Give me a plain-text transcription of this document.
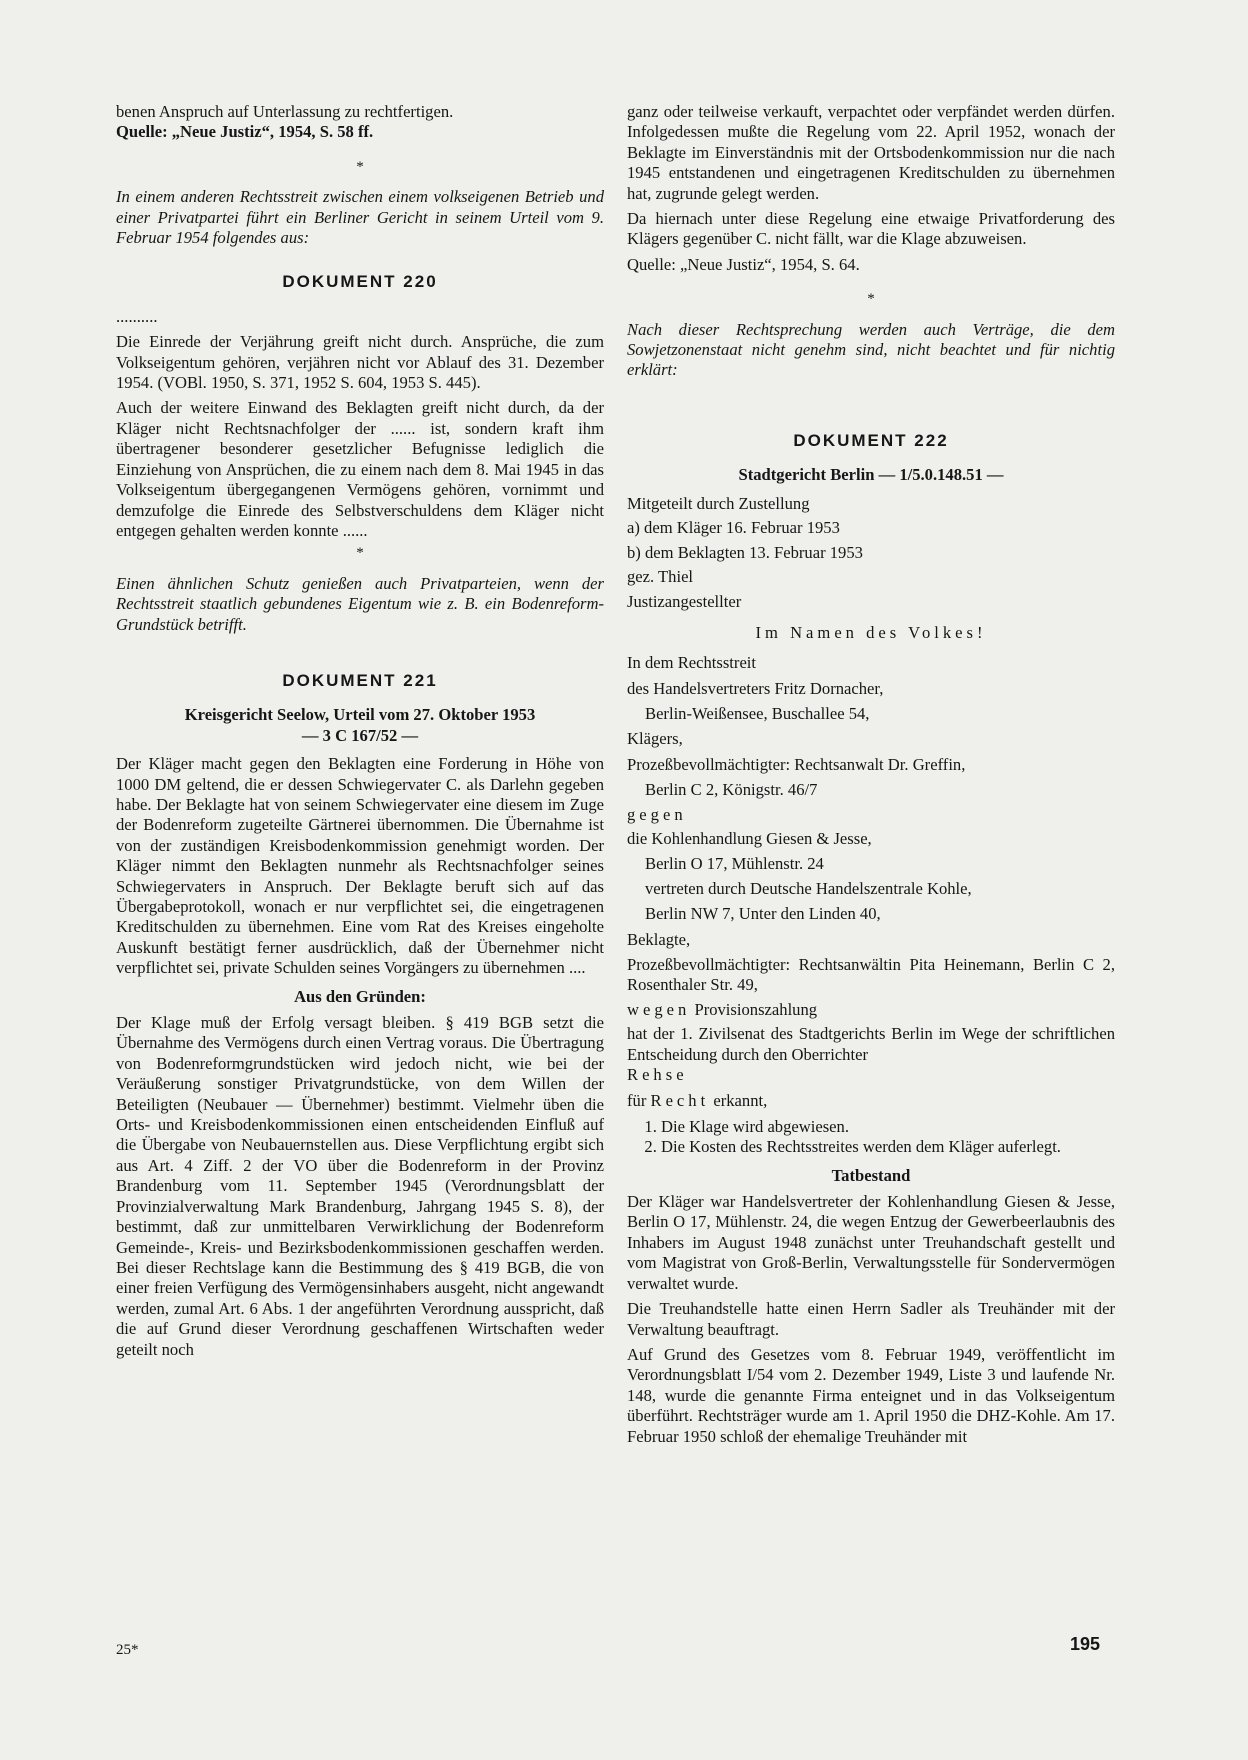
benen Anspruch auf Unterlassung zu rechtfertigen.

Quelle: „Neue Justiz“, 1954, S. 58 ff.

*

In einem anderen Rechtsstreit zwischen einem volkseigenen Betrieb und einer Privatpartei führt ein Berliner Gericht in seinem Urteil vom 9. Februar 1954 folgendes aus:

DOKUMENT 220

..........

Die Einrede der Verjährung greift nicht durch. Ansprüche, die zum Volkseigentum gehören, verjähren nicht vor Ablauf des 31. Dezember 1954. (VOBl. 1950, S. 371, 1952 S. 604, 1953 S. 445).

Auch der weitere Einwand des Beklagten greift nicht durch, da der Kläger nicht Rechtsnachfolger der ...... ist, sondern kraft ihm übertragener besonderer gesetzlicher Befugnisse lediglich die Einziehung von Ansprüchen, die zu einem nach dem 8. Mai 1945 in das Volkseigentum übergegangenen Vermögens gehören, vornimmt und demzufolge die Einrede des Selbstverschuldens dem Kläger nicht entgegen gehalten werden konnte ......

*

Einen ähnlichen Schutz genießen auch Privatparteien, wenn der Rechtsstreit staatlich gebundenes Eigentum wie z. B. ein Bodenreform-Grundstück betrifft.

DOKUMENT 221
Kreisgericht Seelow, Urteil vom 27. Oktober 1953
— 3 C 167/52 —

Der Kläger macht gegen den Beklagten eine Forderung in Höhe von 1000 DM geltend, die er dessen Schwiegervater C. als Darlehn gegeben habe. Der Beklagte hat von seinem Schwiegervater eine diesem im Zuge der Bodenreform zugeteilte Gärtnerei übernommen. Die Übernahme ist von der zuständigen Kreisbodenkommission genehmigt worden. Der Kläger nimmt den Beklagten nunmehr als Rechtsnachfolger seines Schwiegervaters in Anspruch. Der Beklagte beruft sich auf das Übergabeprotokoll, wonach er nur verpflichtet sei, die eingetragenen Kreditschulden zu übernehmen. Eine vom Rat des Kreises eingeholte Auskunft bestätigt ferner ausdrücklich, daß der Übernehmer nicht verpflichtet sei, private Schulden seines Vorgängers zu übernehmen ....

Aus den Gründen:

Der Klage muß der Erfolg versagt bleiben. § 419 BGB setzt die Übernahme des Vermögens durch einen Vertrag voraus. Die Übertragung von Bodenreformgrundstücken wird jedoch nicht, wie bei der Veräußerung sonstiger Privatgrundstücke, von dem Willen der Beteiligten (Neubauer — Übernehmer) bestimmt. Vielmehr üben die Orts- und Kreisbodenkommissionen einen entscheidenden Einfluß auf die Übergabe von Neubauernstellen aus. Diese Verpflichtung ergibt sich aus Art. 4 Ziff. 2 der VO über die Bodenreform in der Provinz Brandenburg vom 11. September 1945 (Verordnungsblatt der Provinzialverwaltung Mark Brandenburg, Jahrgang 1945 S. 8), der bestimmt, daß zur unmittelbaren Verwirklichung der Bodenreform Gemeinde-, Kreis- und Bezirksbodenkommissionen geschaffen werden. Bei dieser Rechtslage kann die Bestimmung des § 419 BGB, die von einer freien Verfügung des Vermögensinhabers ausgeht, nicht angewandt werden, zumal Art. 6 Abs. 1 der angeführten Verordnung ausspricht, daß die auf Grund dieser Verordnung geschaffenen Wirtschaften weder geteilt noch

ganz oder teilweise verkauft, verpachtet oder verpfändet werden dürfen. Infolgedessen mußte die Regelung vom 22. April 1952, wonach der Beklagte im Einverständnis mit der Ortsbodenkommission nur die nach 1945 entstandenen und eingetragenen Kreditschulden zu übernehmen hat, zugrunde gelegt werden.

Da hiernach unter diese Regelung eine etwaige Privatforderung des Klägers gegenüber C. nicht fällt, war die Klage abzuweisen.

Quelle: „Neue Justiz“, 1954, S. 64.

*

Nach dieser Rechtsprechung werden auch Verträge, die dem Sowjetzonenstaat nicht genehm sind, nicht beachtet und für nichtig erklärt:

DOKUMENT 222
Stadtgericht Berlin — 1/5.0.148.51 —

Mitgeteilt durch Zustellung

a) dem Kläger 16. Februar 1953

b) dem Beklagten 13. Februar 1953

gez. Thiel

Justizangestellter

Im Namen des Volkes!

In dem Rechtsstreit

des Handelsvertreters Fritz Dornacher,

Berlin-Weißensee, Buschallee 54,

Klägers,

Prozeßbevollmächtigter: Rechtsanwalt Dr. Greffin,

Berlin C 2, Königstr. 46/7

gegen

die Kohlenhandlung Giesen & Jesse,

Berlin O 17, Mühlenstr. 24

vertreten durch Deutsche Handelszentrale Kohle,

Berlin NW 7, Unter den Linden 40,

Beklagte,

Prozeßbevollmächtigter: Rechtsanwältin Pita Heinemann, Berlin C 2, Rosenthaler Str. 49,

wegen Provisionszahlung

hat der 1. Zivilsenat des Stadtgerichts Berlin im Wege der schriftlichen Entscheidung durch den Oberrichter

Rehse

für Recht erkannt,

1. Die Klage wird abgewiesen.
2. Die Kosten des Rechtsstreites werden dem Kläger auferlegt.
Tatbestand

Der Kläger war Handelsvertreter der Kohlenhandlung Giesen & Jesse, Berlin O 17, Mühlenstr. 24, die wegen Entzug der Gewerbeerlaubnis des Inhabers im August 1948 zunächst unter Treuhandschaft gestellt und vom Magistrat von Groß-Berlin, Verwaltungsstelle für Sondervermögen verwaltet wurde.

Die Treuhandstelle hatte einen Herrn Sadler als Treuhänder mit der Verwaltung beauftragt.

Auf Grund des Gesetzes vom 8. Februar 1949, veröffentlicht im Verordnungsblatt I/54 vom 2. Dezember 1949, Liste 3 und laufende Nr. 148, wurde die genannte Firma enteignet und in das Volkseigentum überführt. Rechtsträger wurde am 1. April 1950 die DHZ-Kohle. Am 17. Februar 1950 schloß der ehemalige Treuhänder mit

25*	195
